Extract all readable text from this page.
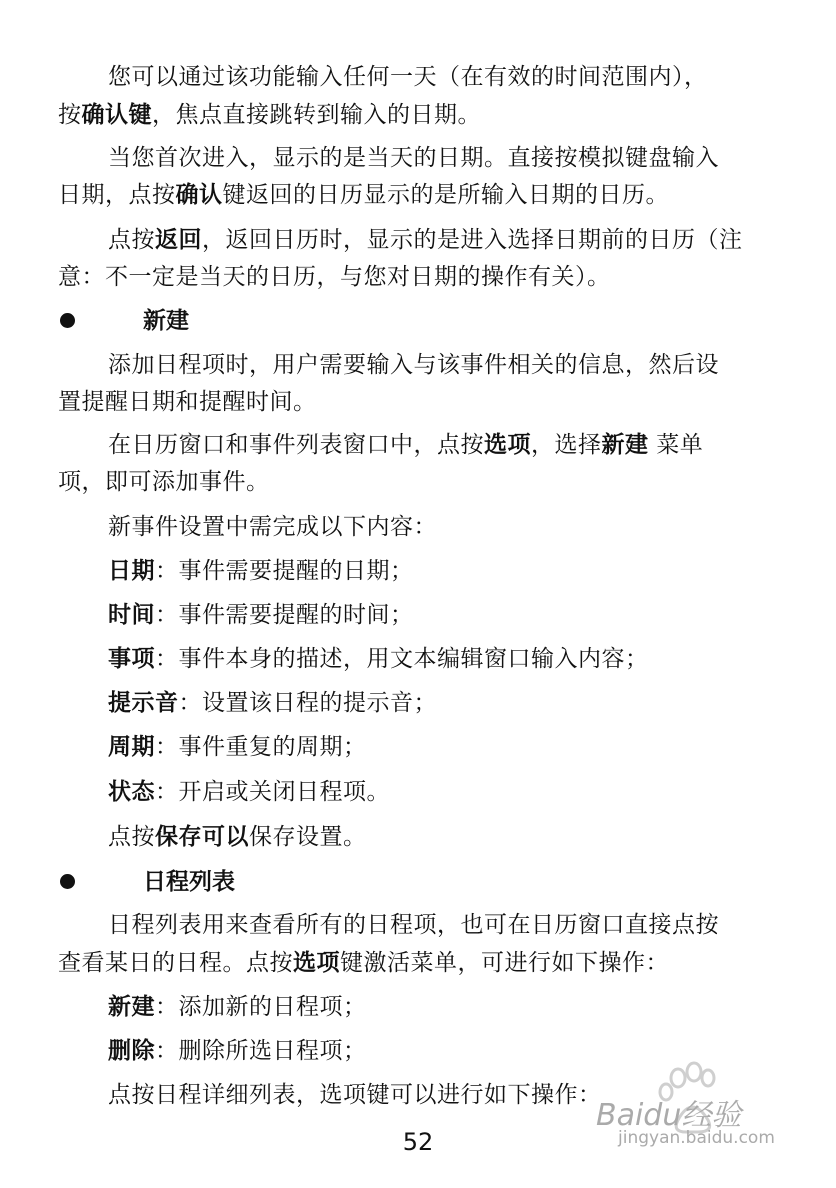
您可以通过该功能输入任何一天（在有效的时间范围内），
按确认键，焦点直接跳转到输入的日期。
当您首次进入，显示的是当天的日期。直接按模拟键盘输入
日期，点按确认键返回的日历显示的是所输入日期的日历。
点按返回，返回日历时，显示的是进入选择日期前的日历（注
意：不一定是当天的日历，与您对日期的操作有关）。
新建
添加日程项时，用户需要输入与该事件相关的信息，然后设
置提醒日期和提醒时间。
在日历窗口和事件列表窗口中，点按选项，选择新建 菜单
项，即可添加事件。
新事件设置中需完成以下内容：
日期：事件需要提醒的日期；
时间：事件需要提醒的时间；
事项：事件本身的描述，用文本编辑窗口输入内容；
提示音：设置该日程的提示音；
周期：事件重复的周期；
状态：开启或关闭日程项。
点按保存可以保存设置。
日程列表
日程列表用来查看所有的日程项，也可在日历窗口直接点按
查看某日的日程。点按选项键激活菜单，可进行如下操作：
新建：添加新的日程项；
删除：删除所选日程项；
点按日程详细列表，选项键可以进行如下操作：
Baidu经验
jingyan.baidu.com
52
